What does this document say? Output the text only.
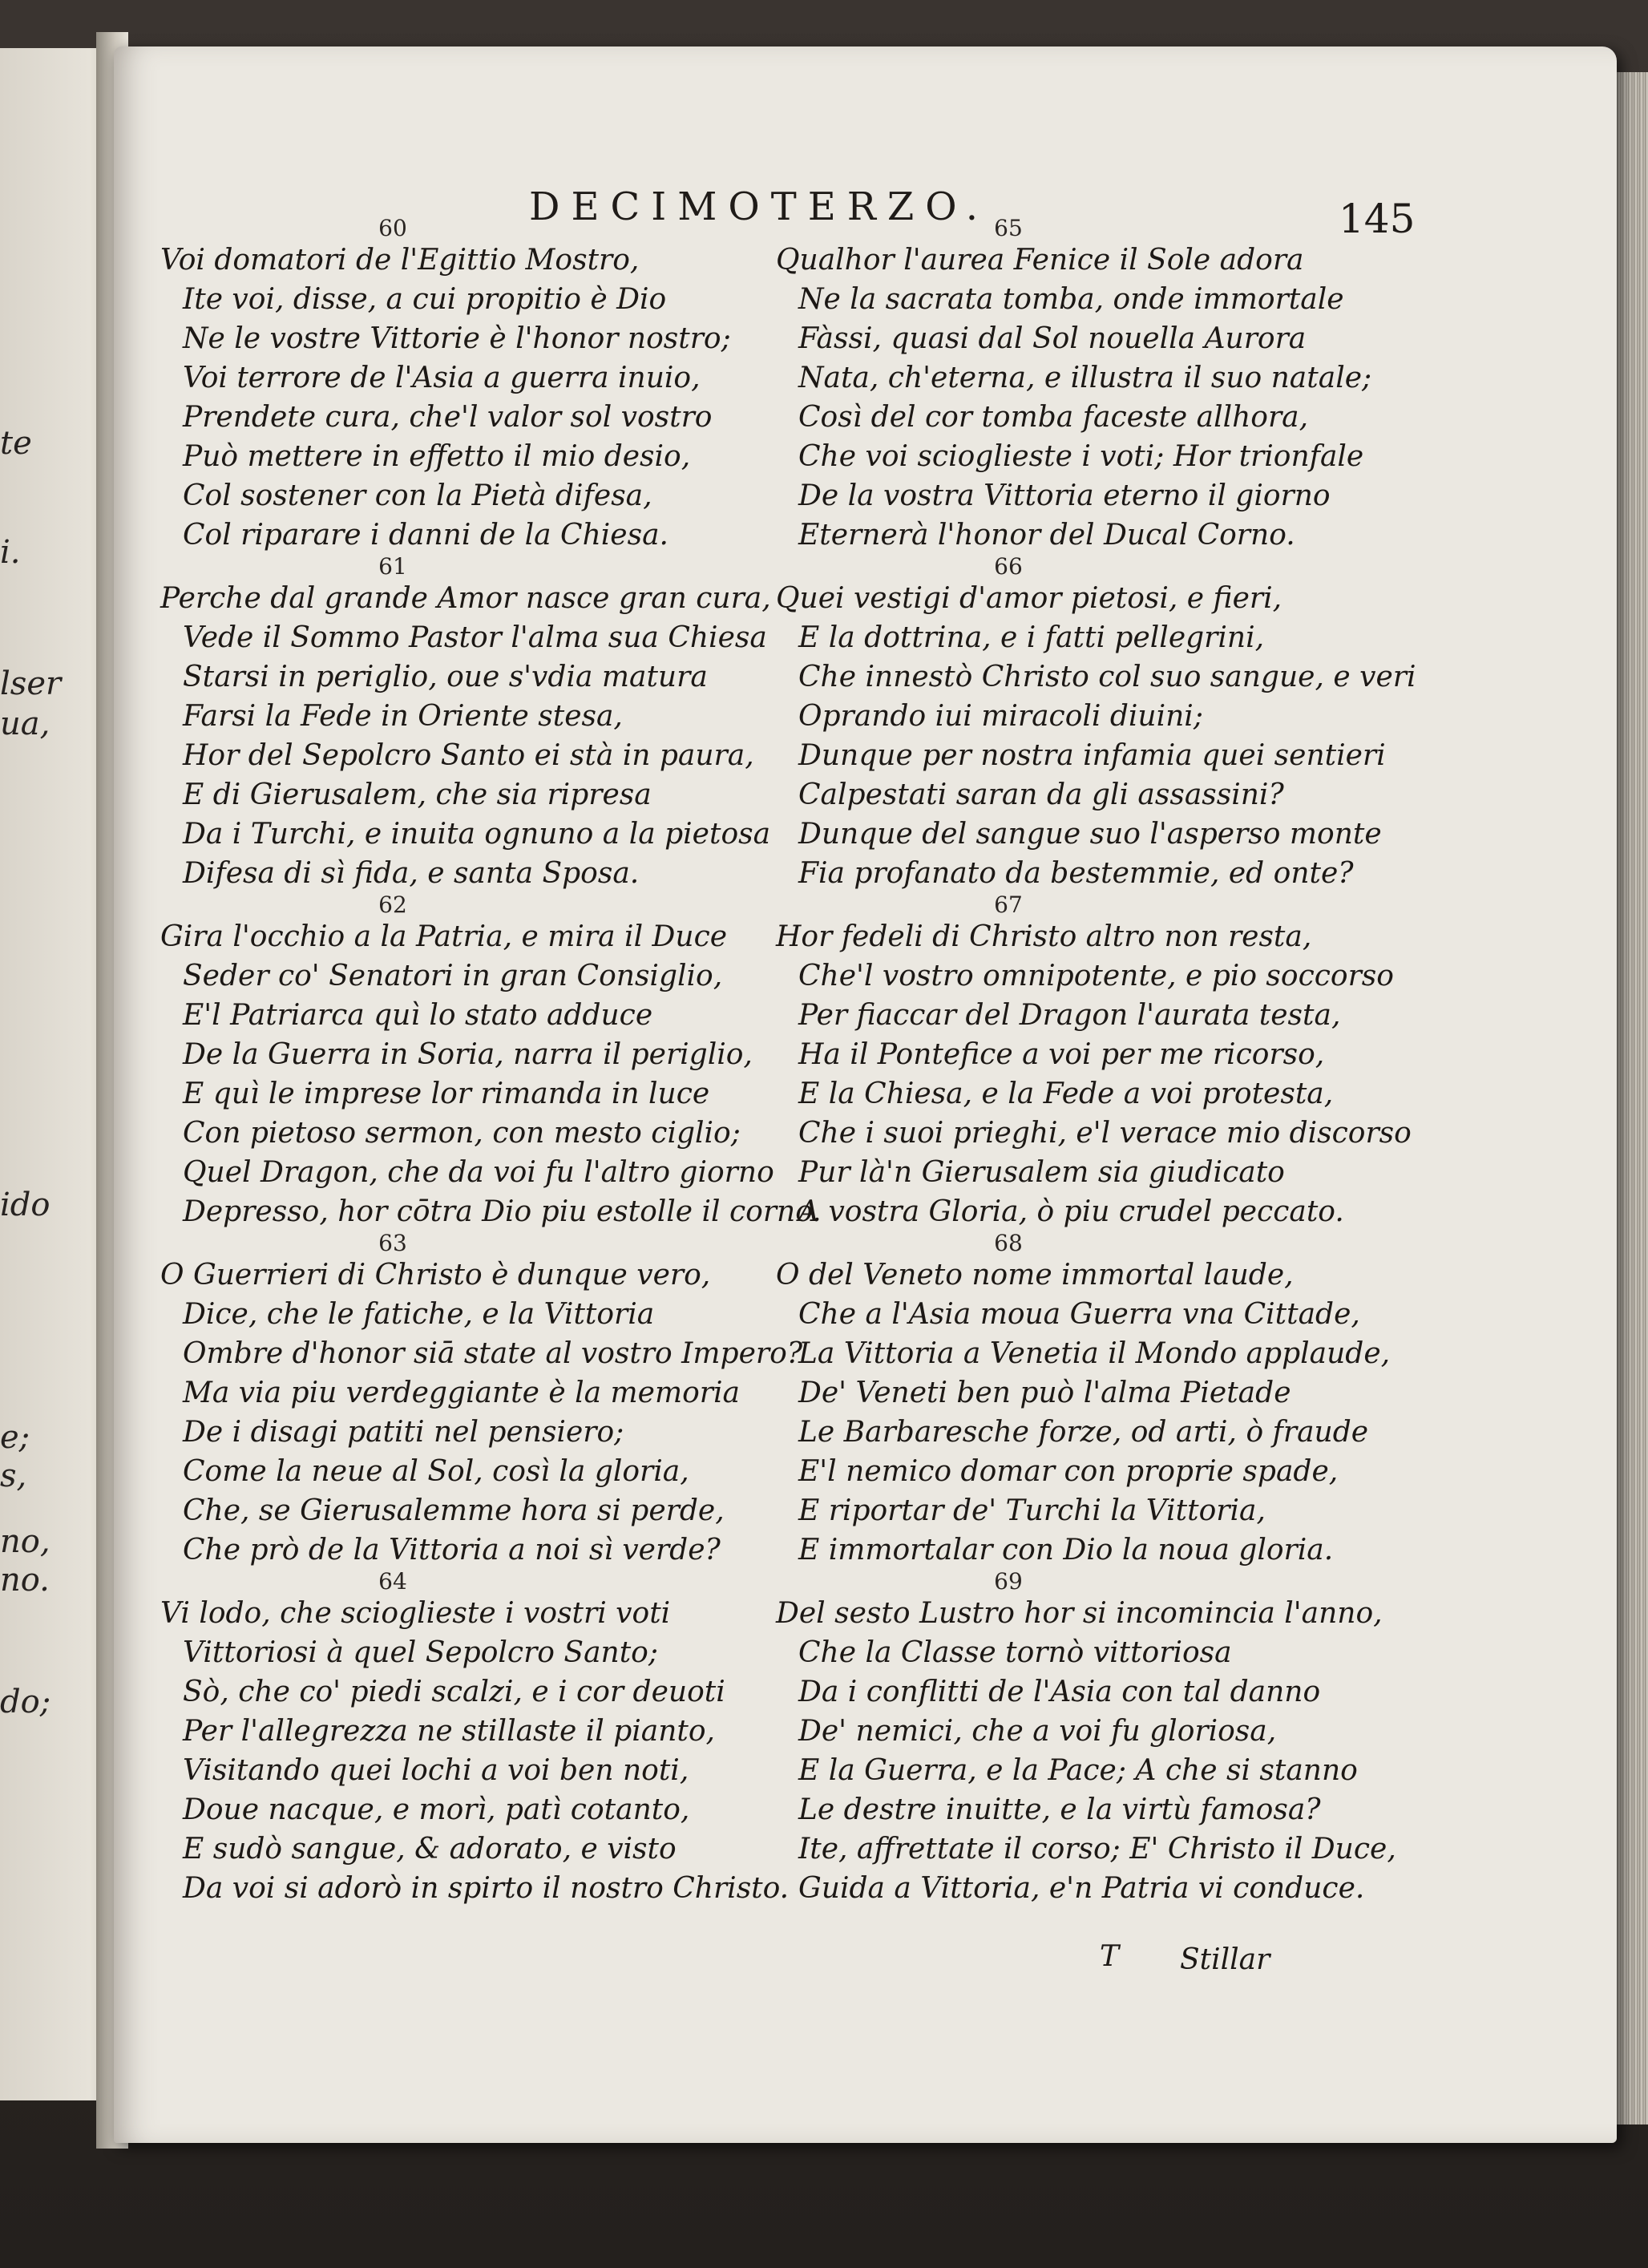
te
i.
lser
ua,
ido
e;
s,
no,
no.
do;
DECIMOTERZO.	145
60
Voi domatori de l'Egittio Mostro,
Ite voi, disse, a cui propitio è Dio
Ne le vostre Vittorie è l'honor nostro;
Voi terrore de l'Asia a guerra inuio,
Prendete cura, che'l valor sol vostro
Può mettere in effetto il mio desio,
Col sostener con la Pietà difesa,
Col riparare i danni de la Chiesa.
61
Perche dal grande Amor nasce gran cura,
Vede il Sommo Pastor l'alma sua Chiesa
Starsi in periglio, oue s'vdia matura
Farsi la Fede in Oriente stesa,
Hor del Sepolcro Santo ei stà in paura,
E di Gierusalem, che sia ripresa
Da i Turchi, e inuita ognuno a la pietosa
Difesa di sì fida, e santa Sposa.
62
Gira l'occhio a la Patria, e mira il Duce
Seder co' Senatori in gran Consiglio,
E'l Patriarca quì lo stato adduce
De la Guerra in Soria, narra il periglio,
E quì le imprese lor rimanda in luce
Con pietoso sermon, con mesto ciglio;
Quel Dragon, che da voi fu l'altro giorno
Depresso, hor cōtra Dio piu estolle il corno.
63
O Guerrieri di Christo è dunque vero,
Dice, che le fatiche, e la Vittoria
Ombre d'honor siā state al vostro Impero?
Ma via piu verdeggiante è la memoria
De i disagi patiti nel pensiero;
Come la neue al Sol, così la gloria,
Che, se Gierusalemme hora si perde,
Che prò de la Vittoria a noi sì verde?
64
Vi lodo, che scioglieste i vostri voti
Vittoriosi à quel Sepolcro Santo;
Sò, che co' piedi scalzi, e i cor deuoti
Per l'allegrezza ne stillaste il pianto,
Visitando quei lochi a voi ben noti,
Doue nacque, e morì, patì cotanto,
E sudò sangue, & adorato, e visto
Da voi si adorò in spirto il nostro Christo.
65
Qualhor l'aurea Fenice il Sole adora
Ne la sacrata tomba, onde immortale
Fàssi, quasi dal Sol nouella Aurora
Nata, ch'eterna, e illustra il suo natale;
Così del cor tomba faceste allhora,
Che voi scioglieste i voti; Hor trionfale
De la vostra Vittoria eterno il giorno
Eternerà l'honor del Ducal Corno.
66
Quei vestigi d'amor pietosi, e fieri,
E la dottrina, e i fatti pellegrini,
Che innestò Christo col suo sangue, e veri
Oprando iui miracoli diuini;
Dunque per nostra infamia quei sentieri
Calpestati saran da gli assassini?
Dunque del sangue suo l'asperso monte
Fia profanato da bestemmie, ed onte?
67
Hor fedeli di Christo altro non resta,
Che'l vostro omnipotente, e pio soccorso
Per fiaccar del Dragon l'aurata testa,
Ha il Pontefice a voi per me ricorso,
E la Chiesa, e la Fede a voi protesta,
Che i suoi prieghi, e'l verace mio discorso
Pur là'n Gierusalem sia giudicato
A vostra Gloria, ò piu crudel peccato.
68
O del Veneto nome immortal laude,
Che a l'Asia moua Guerra vna Cittade,
La Vittoria a Venetia il Mondo applaude,
De' Veneti ben può l'alma Pietade
Le Barbaresche forze, od arti, ò fraude
E'l nemico domar con proprie spade,
E riportar de' Turchi la Vittoria,
E immortalar con Dio la noua gloria.
69
Del sesto Lustro hor si incomincia l'anno,
Che la Classe tornò vittoriosa
Da i conflitti de l'Asia con tal danno
De' nemici, che a voi fu gloriosa,
E la Guerra, e la Pace; A che si stanno
Le destre inuitte, e la virtù famosa?
Ite, affrettate il corso; E' Christo il Duce,
Guida a Vittoria, e'n Patria vi conduce.
T Stillar
